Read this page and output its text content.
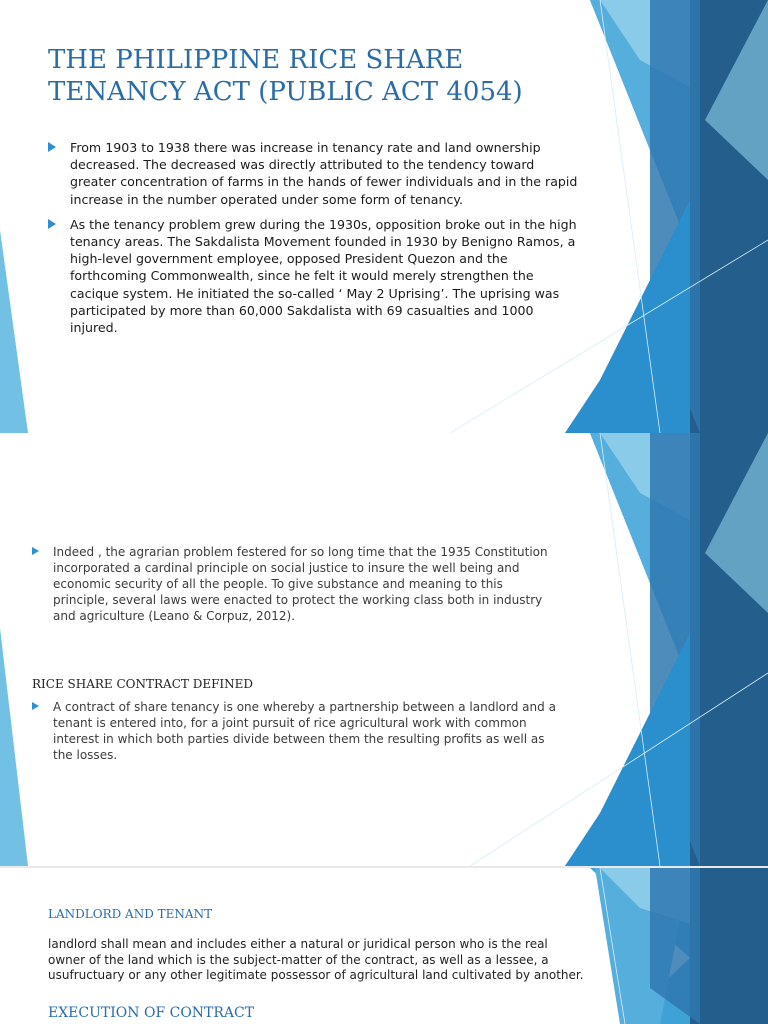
THE PHILIPPINE RICE SHARE TENANCY ACT (PUBLIC ACT 4054)
From 1903 to 1938 there was increase in tenancy rate and land ownership decreased. The decreased was directly attributed to the tendency toward greater concentration of farms in the hands of fewer individuals and in the rapid increase in the number operated under some form of tenancy.
As the tenancy problem grew during the 1930s, opposition broke out in the high tenancy areas. The Sakdalista Movement founded in 1930 by Benigno Ramos, a high-level government employee, opposed President Quezon and the forthcoming Commonwealth, since he felt it would merely strengthen the cacique system. He initiated the so-called ‘ May 2 Uprising’. The uprising was participated by more than 60,000 Sakdalista with 69 casualties and 1000 injured.
Indeed , the agrarian problem festered for so long time that the 1935 Constitution incorporated a cardinal principle on social justice to insure the well being and economic security of all the people. To give substance and meaning to this principle, several laws were enacted to protect the working class both in industry and agriculture (Leano & Corpuz, 2012).
RICE SHARE CONTRACT DEFINED
A contract of share tenancy is one whereby a partnership between a landlord and a tenant is entered into, for a joint pursuit of rice agricultural work with common interest in which both parties divide between them the resulting profits as well as the losses.
LANDLORD AND TENANT

landlord shall mean and includes either a natural or juridical person who is the real owner of the land which is the subject-matter of the contract, as well as a lessee, a usufructuary or any other legitimate possessor of agricultural land cultivated by another.

EXECUTION OF CONTRACT
